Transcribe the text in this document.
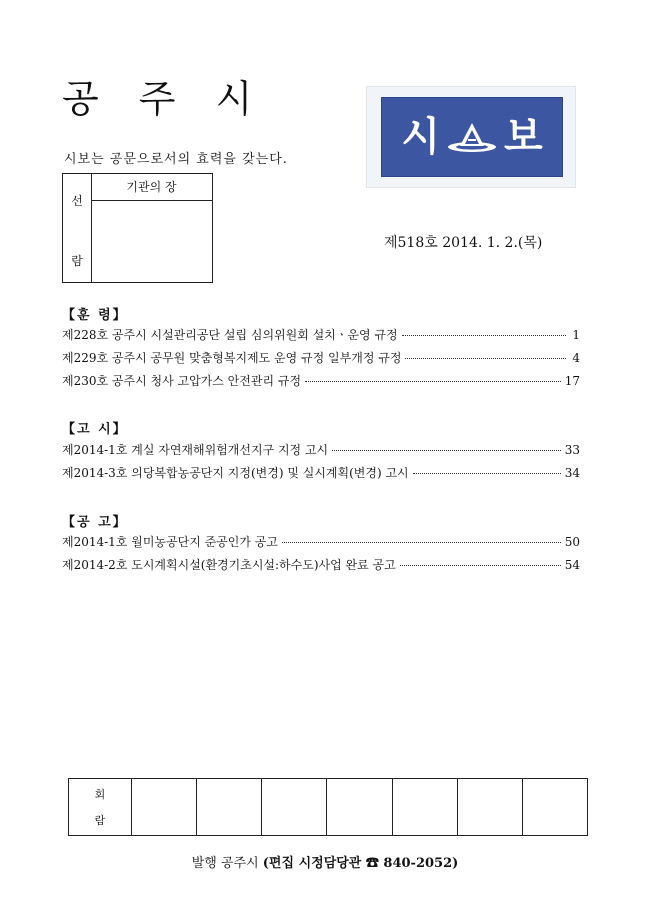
공 주 시
시 보
시보는 공문으로서의 효력을 갖는다.
선
람
기관의 장
제518호 2014. 1. 2.(목)
【훈 령】
제228호 공주시 시설관리공단 설립 심의위원회 설치ㆍ운영 규정	1
제229호 공주시 공무원 맞춤형복지제도 운영 규정 일부개정 규정	4
제230호 공주시 청사 고압가스 안전관리 규정	17
【고 시】
제2014-1호 계실 자연재해위험개선지구 지정 고시	33
제2014-3호 의당복합농공단지 지정(변경) 및 실시계획(변경) 고시	34
【공 고】
제2014-1호 월미농공단지 준공인가 공고	50
제2014-2호 도시계획시설(환경기초시설:하수도)사업 완료 공고	54
회
람
발행 공주시 (편집 시정담당관 ☎ 840-2052)
